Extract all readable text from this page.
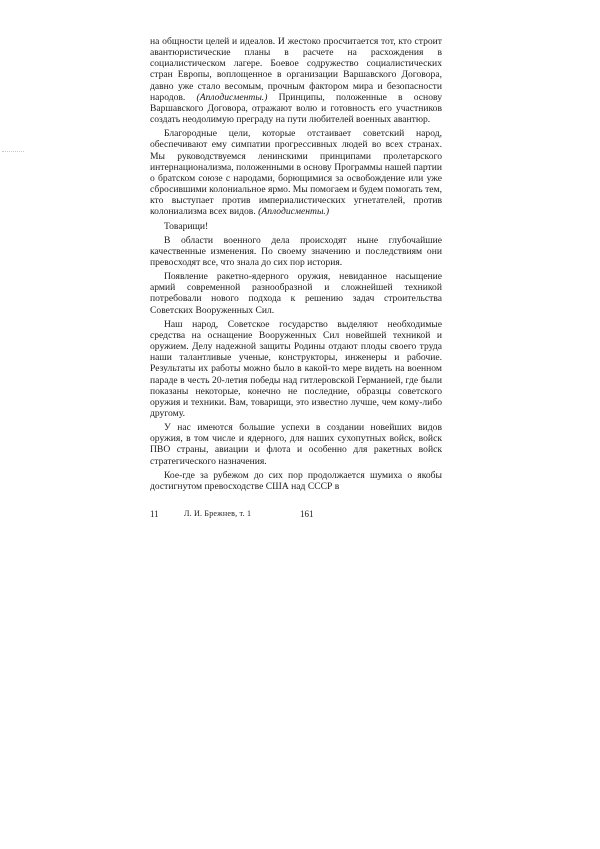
на общности целей и идеалов. И жестоко просчитается тот, кто строит авантюристические планы в расчете на расхождения в социалистическом лагере. Боевое содружество социалистических стран Европы, воплощенное в организации Варшавского Договора, давно уже стало весомым, прочным фактором мира и безопасности народов. (Аплодисменты.) Принципы, положенные в основу Варшавского Договора, отражают волю и готовность его участников создать неодолимую преграду на пути любителей военных авантюр.

Благородные цели, которые отстаивает советский народ, обеспечивают ему симпатии прогрессивных людей во всех странах. Мы руководствуемся ленинскими принципами пролетарского интернационализма, положенными в основу Программы нашей партии о братском союзе с народами, борющимися за освобождение или уже сбросившими колониальное ярмо. Мы помогаем и будем помогать тем, кто выступает против империалистических угнетателей, против колониализма всех видов. (Аплодисменты.)

Товарищи!

В области военного дела происходят ныне глубочайшие качественные изменения. По своему значению и последствиям они превосходят все, что знала до сих пор история.

Появление ракетно-ядерного оружия, невиданное насыщение армий современной разнообразной и сложнейшей техникой потребовали нового подхода к решению задач строительства Советских Вооруженных Сил.

Наш народ, Советское государство выделяют необходимые средства на оснащение Вооруженных Сил новейшей техникой и оружием. Делу надежной защиты Родины отдают плоды своего труда наши талантливые ученые, конструкторы, инженеры и рабочие. Результаты их работы можно было в какой-то мере видеть на военном параде в честь 20-летия победы над гитлеровской Германией, где были показаны некоторые, конечно не последние, образцы советского оружия и техники. Вам, товарищи, это известно лучше, чем кому-либо другому.

У нас имеются большие успехи в создании новейших видов оружия, в том числе и ядерного, для наших сухопутных войск, войск ПВО страны, авиации и флота и особенно для ракетных войск стратегического назначения.

Кое-где за рубежом до сих пор продолжается шумиха о якобы достигнутом превосходстве США над СССР в

11	Л. И. Брежнев, т. 1	161
